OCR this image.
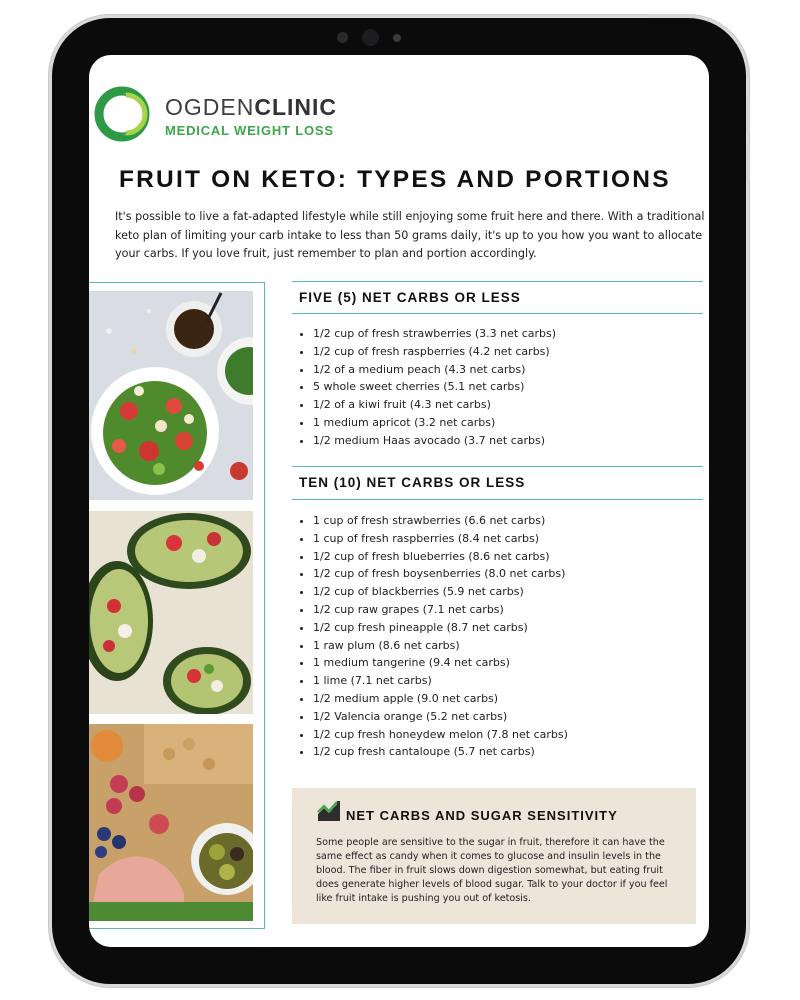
OGDENCLINIC
MEDICAL WEIGHT LOSS
FRUIT ON KETO: TYPES AND PORTIONS
It's possible to live a fat-adapted lifestyle while still enjoying some fruit here and there. With a traditional keto plan of limiting your carb intake to less than 50 grams daily, it's up to you how you want to allocate your carbs. If you love fruit, just remember to plan and portion accordingly.
FIVE (5) NET CARBS OR LESS
• 1/2 cup of fresh strawberries (3.3 net carbs)
• 1/2 cup of fresh raspberries (4.2 net carbs)
• 1/2 of a medium peach (4.3 net carbs)
• 5 whole sweet cherries (5.1 net carbs)
• 1/2 of a kiwi fruit (4.3 net carbs)
• 1 medium apricot (3.2 net carbs)
• 1/2 medium Haas avocado (3.7 net carbs)
TEN (10) NET CARBS OR LESS
• 1 cup of fresh strawberries (6.6 net carbs)
• 1 cup of fresh raspberries (8.4 net carbs)
• 1/2 cup of fresh blueberries (8.6 net carbs)
• 1/2 cup of fresh boysenberries (8.0 net carbs)
• 1/2 cup of blackberries (5.9 net carbs)
• 1/2 cup raw grapes (7.1 net carbs)
• 1/2 cup fresh pineapple (8.7 net carbs)
• 1 raw plum (8.6 net carbs)
• 1 medium tangerine (9.4 net carbs)
• 1 lime (7.1 net carbs)
• 1/2 medium apple (9.0 net carbs)
• 1/2 Valencia orange (5.2 net carbs)
• 1/2 cup fresh honeydew melon (7.8 net carbs)
• 1/2 cup fresh cantaloupe (5.7 net carbs)
NET CARBS AND SUGAR SENSITIVITY
Some people are sensitive to the sugar in fruit, therefore it can have the same effect as candy when it comes to glucose and insulin levels in the blood. The fiber in fruit slows down digestion somewhat, but eating fruit does generate higher levels of blood sugar. Talk to your doctor if you feel like fruit intake is pushing you out of ketosis.
